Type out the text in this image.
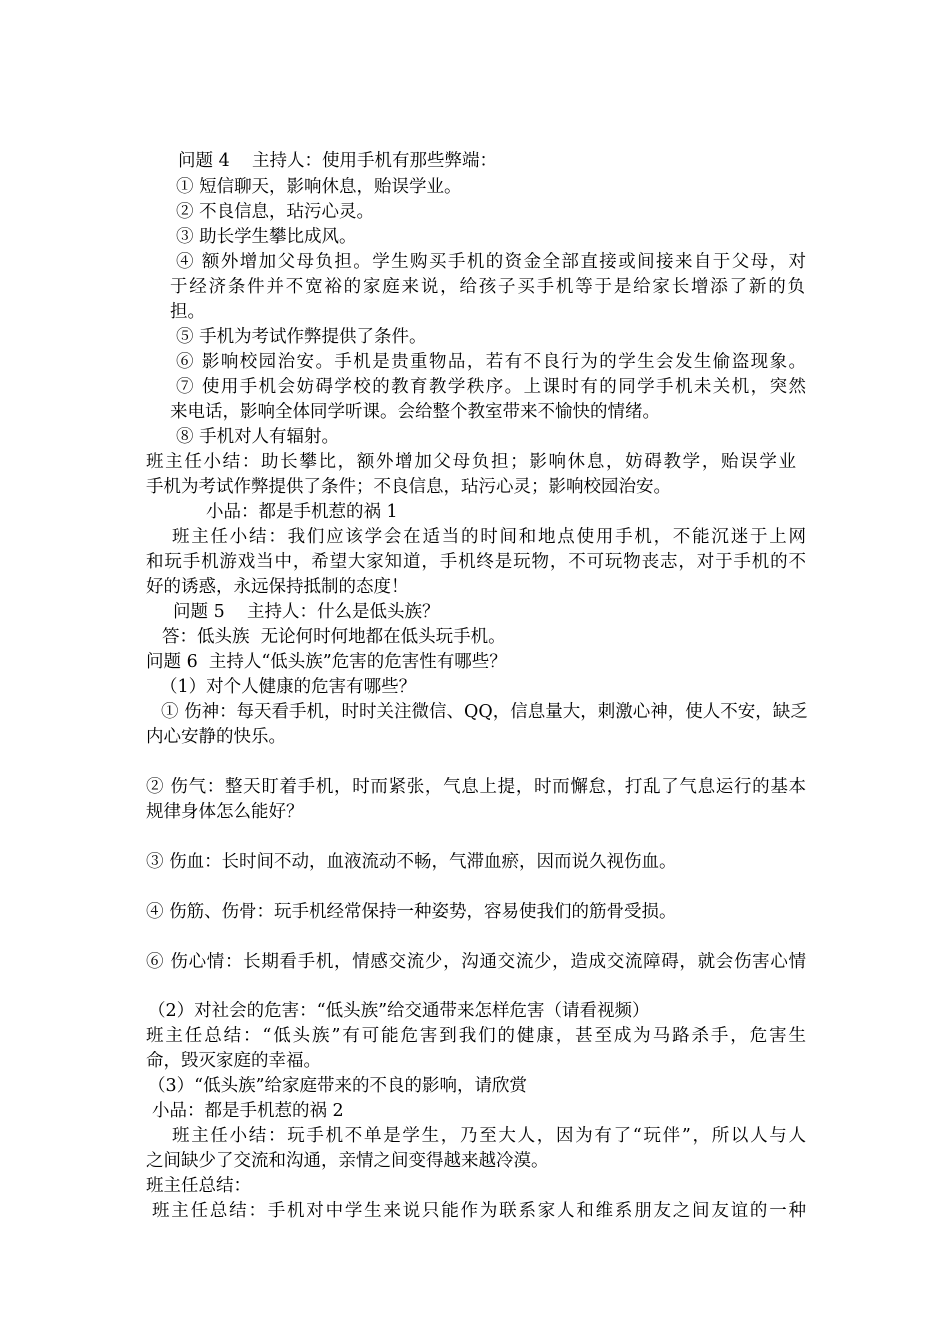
问题 4    主持人：使用手机有那些弊端：
① 短信聊天，影响休息，贻误学业。
② 不良信息，玷污心灵。
③ 助长学生攀比成风。
④ 额外增加父母负担。学生购买手机的资金全部直接或间接来自于父母，对
于经济条件并不宽裕的家庭来说，给孩子买手机等于是给家长增添了新的负
担。
⑤ 手机为考试作弊提供了条件。
⑥ 影响校园治安。手机是贵重物品，若有不良行为的学生会发生偷盗现象。
⑦ 使用手机会妨碍学校的教育教学秩序。上课时有的同学手机未关机，突然
来电话，影响全体同学听课。会给整个教室带来不愉快的情绪。
⑧ 手机对人有辐射。
班主任小结：助长攀比，额外增加父母负担；影响休息，妨碍教学，贻误学业
手机为考试作弊提供了条件；不良信息，玷污心灵；影响校园治安。
小品：都是手机惹的祸 1
班主任小结：我们应该学会在适当的时间和地点使用手机，不能沉迷于上网
和玩手机游戏当中，希望大家知道，手机终是玩物，不可玩物丧志，对于手机的不
好的诱惑，永远保持抵制的态度！
问题 5    主持人：什么是低头族？
答：低头族  无论何时何地都在低头玩手机。
问题 6  主持人“低头族”危害的危害性有哪些？
（1）对个人健康的危害有哪些？
① 伤神：每天看手机，时时关注微信、QQ，信息量大，刺激心神，使人不安，缺乏
内心安静的快乐。
② 伤气：整天盯着手机，时而紧张，气息上提，时而懈怠，打乱了气息运行的基本
规律身体怎么能好？
③ 伤血：长时间不动，血液流动不畅，气滞血瘀，因而说久视伤血。
④ 伤筋、伤骨：玩手机经常保持一种姿势，容易使我们的筋骨受损。
⑥ 伤心情：长期看手机，情感交流少，沟通交流少，造成交流障碍，就会伤害心情
（2）对社会的危害：“低头族”给交通带来怎样危害（请看视频）
班主任总结：“低头族”有可能危害到我们的健康，甚至成为马路杀手，危害生
命，毁灭家庭的幸福。
（3）“低头族”给家庭带来的不良的影响，请欣赏
小品：都是手机惹的祸 2
班主任小结：玩手机不单是学生，乃至大人，因为有了“玩伴”，所以人与人
之间缺少了交流和沟通，亲情之间变得越来越冷漠。
班主任总结：
班主任总结：手机对中学生来说只能作为联系家人和维系朋友之间友谊的一种
